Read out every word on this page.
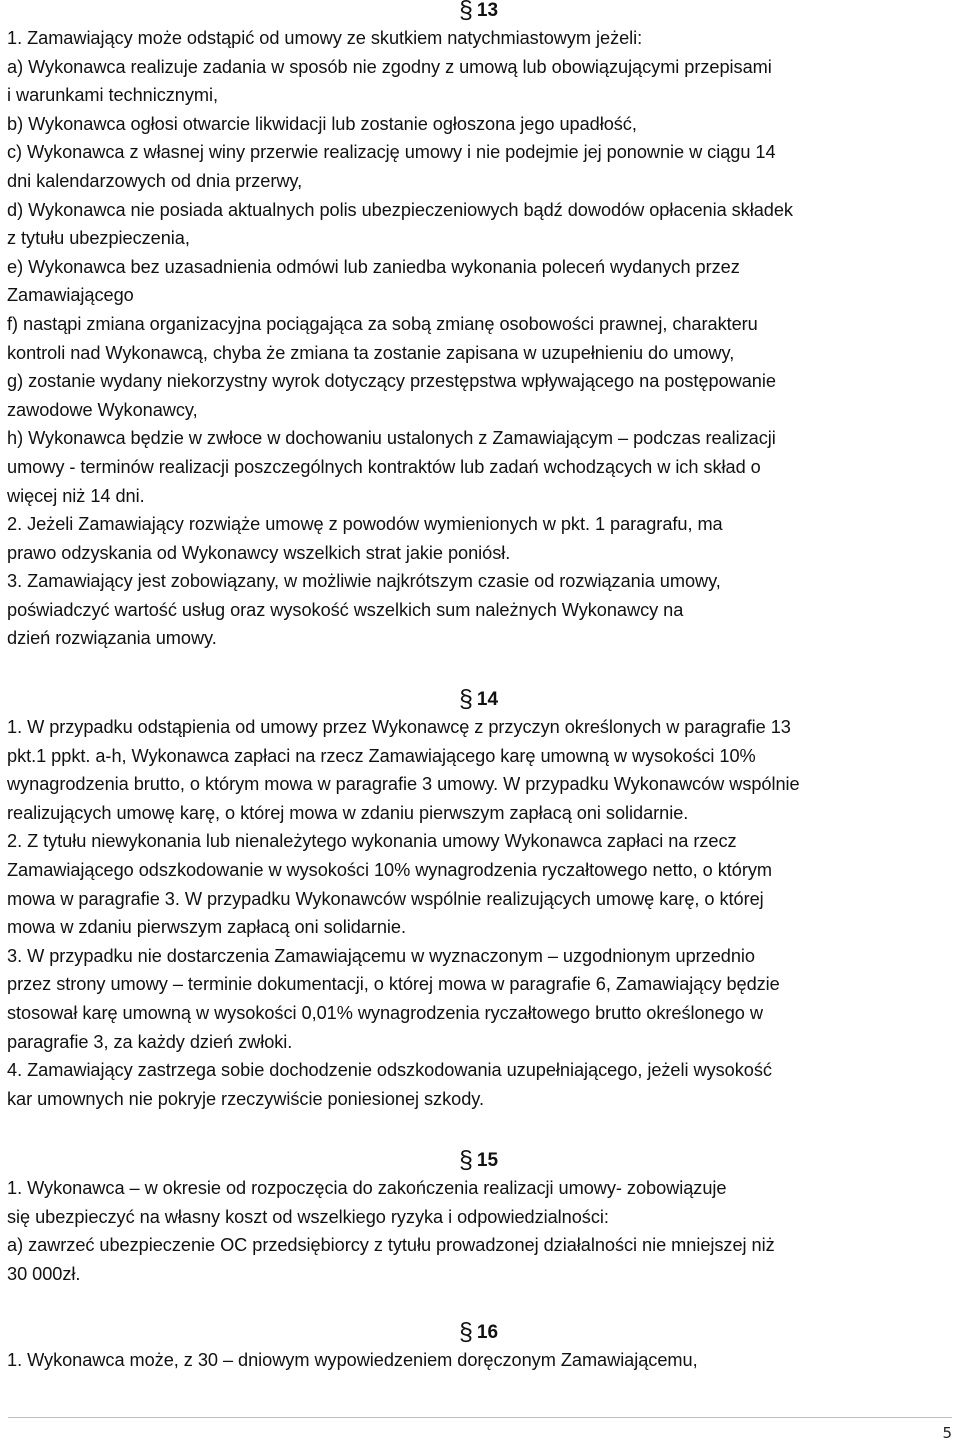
§ 13
1. Zamawiający może odstąpić od umowy ze skutkiem natychmiastowym jeżeli:
a) Wykonawca realizuje zadania w sposób nie zgodny z umową lub obowiązującymi przepisami
i warunkami technicznymi,
b) Wykonawca ogłosi otwarcie likwidacji lub zostanie ogłoszona jego upadłość,
c) Wykonawca z własnej winy przerwie realizację umowy i nie podejmie jej ponownie w ciągu 14
dni kalendarzowych od dnia przerwy,
d) Wykonawca nie posiada aktualnych polis ubezpieczeniowych bądź dowodów opłacenia składek
z tytułu ubezpieczenia,
e) Wykonawca bez uzasadnienia odmówi lub zaniedba wykonania poleceń wydanych przez
Zamawiającego
f) nastąpi zmiana organizacyjna pociągająca za sobą zmianę osobowości prawnej, charakteru
kontroli nad Wykonawcą, chyba że zmiana ta zostanie zapisana w uzupełnieniu do umowy,
g) zostanie wydany niekorzystny wyrok dotyczący przestępstwa wpływającego na postępowanie
zawodowe Wykonawcy,
h) Wykonawca będzie w zwłoce w dochowaniu ustalonych z Zamawiającym – podczas realizacji
umowy - terminów realizacji poszczególnych kontraktów lub zadań wchodzących w ich skład o
więcej niż 14 dni.
2. Jeżeli Zamawiający rozwiąże umowę z powodów wymienionych w pkt. 1 paragrafu, ma
prawo odzyskania od Wykonawcy wszelkich strat jakie poniósł.
3. Zamawiający jest zobowiązany, w możliwie najkrótszym czasie od rozwiązania umowy,
poświadczyć wartość usług oraz wysokość wszelkich sum należnych Wykonawcy na
dzień rozwiązania umowy.
§ 14
1. W przypadku odstąpienia od umowy przez Wykonawcę z przyczyn określonych w paragrafie 13
pkt.1 ppkt. a-h, Wykonawca zapłaci na rzecz Zamawiającego karę umowną w wysokości 10%
wynagrodzenia brutto, o którym mowa w paragrafie 3 umowy. W przypadku Wykonawców wspólnie
realizujących umowę karę, o której mowa w zdaniu pierwszym zapłacą oni solidarnie.
2. Z tytułu niewykonania lub nienależytego wykonania umowy Wykonawca zapłaci na rzecz
Zamawiającego odszkodowanie w wysokości 10% wynagrodzenia ryczałtowego netto, o którym
mowa w paragrafie 3. W przypadku Wykonawców wspólnie realizujących umowę karę, o której
mowa w zdaniu pierwszym zapłacą oni solidarnie.
3. W przypadku nie dostarczenia Zamawiającemu w wyznaczonym – uzgodnionym uprzednio
przez strony umowy – terminie dokumentacji, o której mowa w paragrafie 6, Zamawiający będzie
stosował karę umowną w wysokości 0,01% wynagrodzenia ryczałtowego brutto określonego w
paragrafie 3, za każdy dzień zwłoki.
4. Zamawiający zastrzega sobie dochodzenie odszkodowania uzupełniającego, jeżeli wysokość
kar umownych nie pokryje rzeczywiście poniesionej szkody.
§ 15
1. Wykonawca – w okresie od rozpoczęcia do zakończenia realizacji umowy- zobowiązuje
się ubezpieczyć na własny koszt od wszelkiego ryzyka i odpowiedzialności:
a) zawrzeć ubezpieczenie OC przedsiębiorcy z tytułu prowadzonej działalności nie mniejszej niż
30 000zł.
§ 16
1. Wykonawca może, z 30 – dniowym wypowiedzeniem doręczonym Zamawiającemu,
5
